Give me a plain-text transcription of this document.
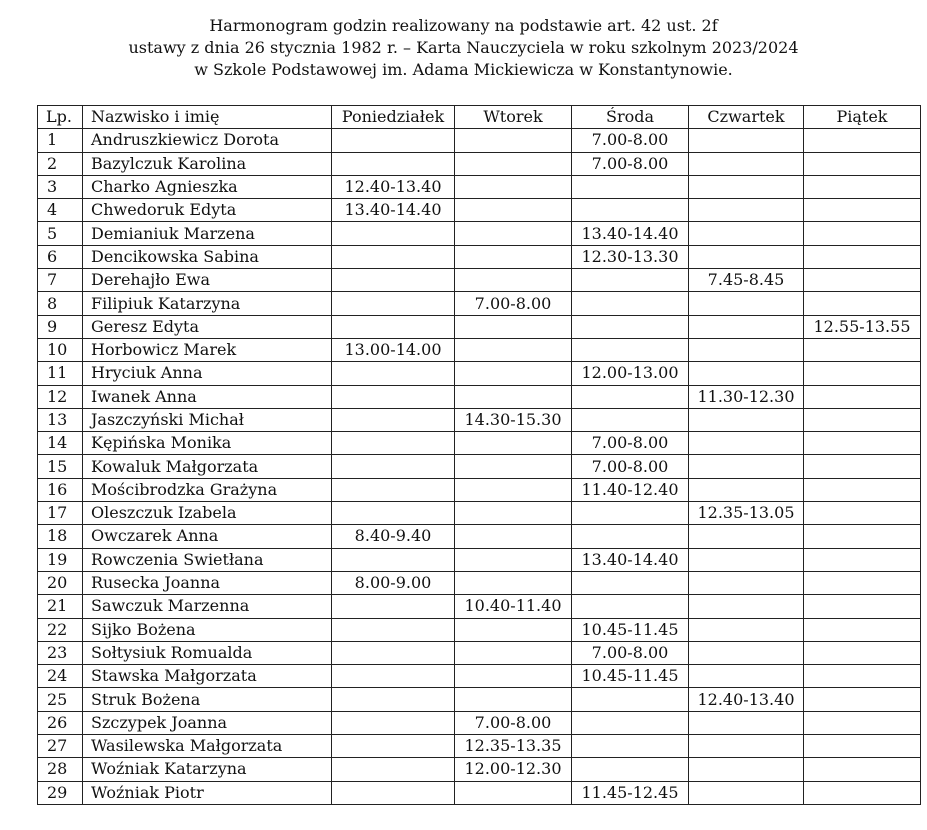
Harmonogram godzin realizowany na podstawie art. 42 ust. 2f
ustawy z dnia 26 stycznia 1982 r. – Karta Nauczyciela w roku szkolnym 2023/2024
w Szkole Podstawowej im. Adama Mickiewicza w Konstantynowie.
Lp.	Nazwisko i imię	Poniedziałek	Wtorek	Środa	Czwartek	Piątek
1	Andruszkiewicz Dorota			7.00-8.00		
2	Bazylczuk Karolina			7.00-8.00		
3	Charko Agnieszka	12.40-13.40				
4	Chwedoruk Edyta	13.40-14.40				
5	Demianiuk Marzena			13.40-14.40		
6	Dencikowska Sabina			12.30-13.30		
7	Derehajło Ewa				7.45-8.45	
8	Filipiuk Katarzyna		7.00-8.00			
9	Geresz Edyta					12.55-13.55
10	Horbowicz Marek	13.00-14.00				
11	Hryciuk Anna			12.00-13.00		
12	Iwanek Anna				11.30-12.30	
13	Jaszczyński Michał		14.30-15.30			
14	Kępińska Monika			7.00-8.00		
15	Kowaluk Małgorzata			7.00-8.00		
16	Mościbrodzka Grażyna			11.40-12.40		
17	Oleszczuk Izabela				12.35-13.05	
18	Owczarek Anna	8.40-9.40				
19	Rowczenia Swietłana			13.40-14.40		
20	Rusecka Joanna	8.00-9.00				
21	Sawczuk Marzenna		10.40-11.40			
22	Sijko Bożena			10.45-11.45		
23	Sołtysiuk Romualda			7.00-8.00		
24	Stawska Małgorzata			10.45-11.45		
25	Struk Bożena				12.40-13.40	
26	Szczypek Joanna		7.00-8.00			
27	Wasilewska Małgorzata		12.35-13.35			
28	Woźniak Katarzyna		12.00-12.30			
29	Woźniak Piotr			11.45-12.45		
